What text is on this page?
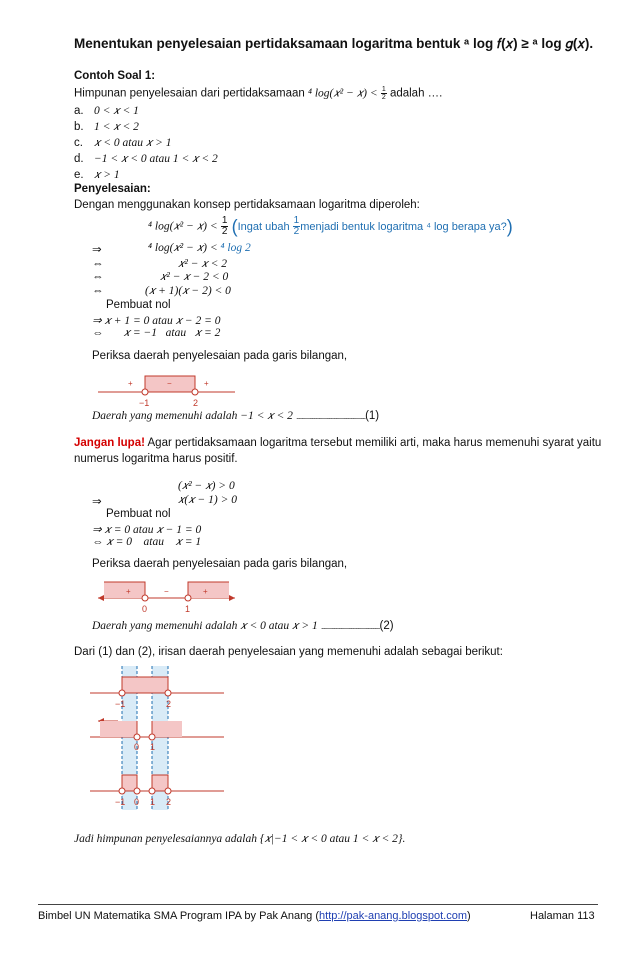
Menentukan penyelesaian pertidaksamaan logaritma bentuk ᵃ log 𝑓(𝑥) ≥ ᵃ log 𝑔(𝑥).
Contoh Soal 1:
Himpunan penyelesaian dari pertidaksamaan ⁴ log(𝑥² − 𝑥) < $\frac{1}{2}$ adalah ….
a. 0 < 𝑥 < 1
b. 1 < 𝑥 < 2
c. 𝑥 < 0 atau 𝑥 > 1
d. −1 < 𝑥 < 0 atau 1 < 𝑥 < 2
e. 𝑥 > 1
Penyelesaian:
Dengan menggunakan konsep pertidaksamaan logaritma diperoleh:
⁴ log(𝑥² − 𝑥) < $\frac{1}{2}$ (Ingat ubah $\frac{1}{2}$ menjadi bentuk logaritma ⁴ log berapa ya?)
⇒	⁴ log(𝑥² − 𝑥) < ⁴ log 2
⇔	𝑥² − 𝑥 < 2
⇔	𝑥² − 𝑥 − 2 < 0
⇔	(𝑥 + 1)(𝑥 − 2) < 0
Pembuat nol
⇒ 𝑥 + 1 = 0 atau 𝑥 − 2 = 0
⇔       𝑥 = −1   atau   𝑥 = 2
Periksa daerah penyelesaian pada garis bilangan,
+	−	+
−1	2
Daerah yang memenuhi adalah −1 < 𝑥 < 2 .........................................................................(1)
Jangan lupa! Agar pertidaksamaan logaritma tersebut memiliki arti, maka harus memenuhi syarat yaitu
numerus logaritma harus positif.
(𝑥² − 𝑥) > 0
⇒	𝑥(𝑥 − 1) > 0
Pembuat nol
⇒ 𝑥 = 0 atau 𝑥 − 1 = 0
⇔ 𝑥 = 0    atau    𝑥 = 1
Periksa daerah penyelesaian pada garis bilangan,
+	−	+
0	1
Daerah yang memenuhi adalah 𝑥 < 0 atau 𝑥 > 1 ..............................................................(2)
Dari (1) dan (2), irisan daerah penyelesaian yang memenuhi adalah sebagai berikut:
−1	2
0 1
−1 0 1 2
Jadi himpunan penyelesaiannya adalah {𝑥|−1 < 𝑥 < 0 atau 1 < 𝑥 < 2}.
Bimbel UN Matematika SMA Program IPA by Pak Anang (http://pak-anang.blogspot.com)	Halaman 113
